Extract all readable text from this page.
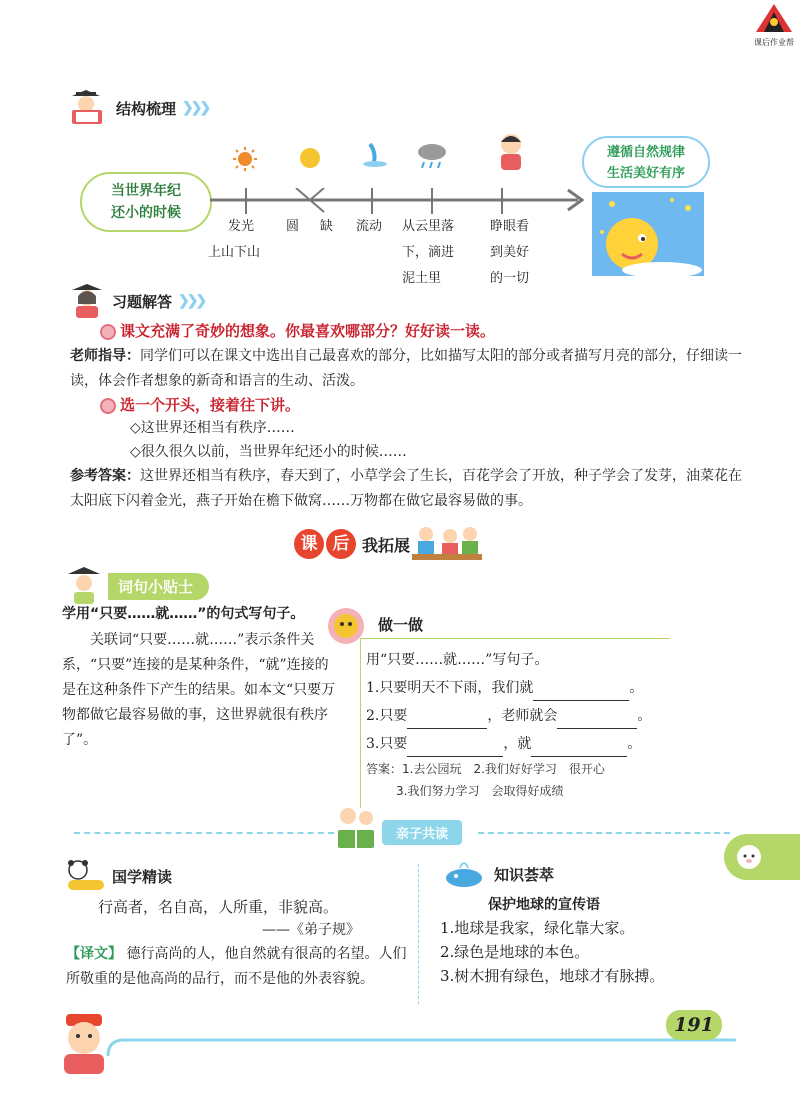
课后作业帮
结构梳理 ❯❯❯
当世界年纪
还小的时候
发光
上山下山
圆 缺 流动 从云里落
下，滴进
泥土里
睁眼看
到美好
的一切
遵循自然规律
生活美好有序
习题解答 ❯❯❯
课文充满了奇妙的想象。你最喜欢哪部分？好好读一读。
老师指导：同学们可以在课文中选出自己最喜欢的部分，比如描写太阳的部分或者描写月亮的部分，仔细读一读，体会作者想象的新奇和语言的生动、活泼。
选一个开头，接着往下讲。
◇这世界还相当有秩序……
◇很久很久以前，当世界年纪还小的时候……
参考答案：这世界还相当有秩序，春天到了，小草学会了生长，百花学会了开放，种子学会了发芽，油菜花在太阳底下闪着金光，燕子开始在檐下做窝……万物都在做它最容易做的事。
课 后 我拓展
词句小贴士
学用“只要……就……”的句式写句子。
关联词“只要……就……”表示条件关系，“只要”连接的是某种条件，“就”连接的是在这种条件下产生的结果。如本文“只要万物都做它最容易做的事，这世界就很有秩序了”。
做一做
用“只要……就……”写句子。
1.只要明天不下雨，我们就	。
2.只要	，老师就会	。
3.只要	，就	。
答案：1.去公园玩　2.我们好好学习　很开心
3.我们努力学习　会取得好成绩
亲子共读
国学精读
行高者，名自高，人所重，非貌高。
——《弟子规》
【译文】 德行高尚的人，他自然就有很高的名望。人们所敬重的是他高尚的品行，而不是他的外表容貌。
知识荟萃
保护地球的宣传语
1.地球是我家，绿化靠大家。
2.绿色是地球的本色。
3.树木拥有绿色，地球才有脉搏。
191
